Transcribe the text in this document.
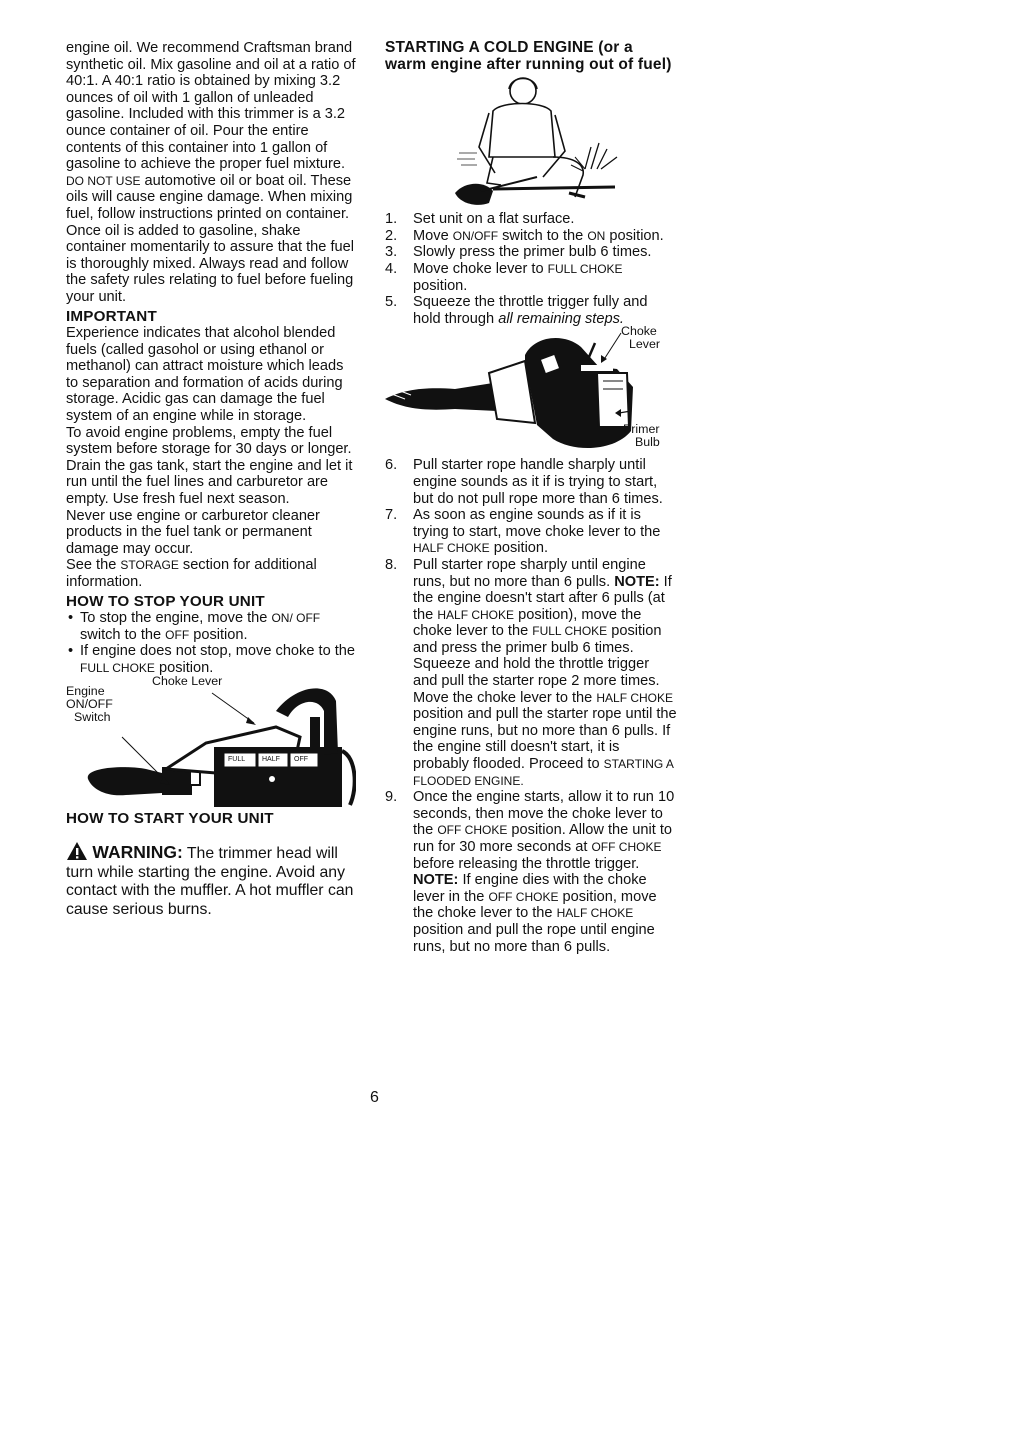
engine oil. We recommend Craftsman brand synthetic oil. Mix gasoline and oil at a ratio of 40:1. A 40:1 ratio is obtained by mixing 3.2 ounces of oil with 1 gallon of unleaded gasoline. Included with this trimmer is a 3.2 ounce container of oil. Pour the entire contents of this container into 1 gallon of gasoline to achieve the proper fuel mixture. DO NOT USE automotive oil or boat oil. These oils will cause engine damage. When mixing fuel, follow instructions printed on container.

Once oil is added to gasoline, shake container momentarily to assure that the fuel is thoroughly mixed. Always read and follow the safety rules relating to fuel before fueling your unit.

IMPORTANT

Experience indicates that alcohol blended fuels (called gasohol or using ethanol or methanol) can attract moisture which leads to separation and formation of acids during storage. Acidic gas can damage the fuel system of an engine while in storage.

To avoid engine problems, empty the fuel system before storage for 30 days or longer. Drain the gas tank, start the engine and let it run until the fuel lines and carburetor are empty. Use fresh fuel next season.

Never use engine or carburetor cleaner products in the fuel tank or permanent damage may occur.

See the STORAGE section for additional information.

HOW TO STOP YOUR UNIT

• To stop the engine, move the ON/ OFF switch to the OFF position.
• If engine does not stop, move choke to the FULL CHOKE position.
Choke Lever
Engine
ON/OFF
Switch
FULL HALF OFF

HOW TO START YOUR UNIT

WARNING: The trimmer head will turn while starting the engine. Avoid any contact with the muffler. A hot muffler can cause serious burns.

STARTING A COLD ENGINE (or a

warm engine after running out of fuel)

1.	Set unit on a flat surface.
2.	Move ON/OFF switch to the ON position.
3.	Slowly press the primer bulb 6 times.
4.	Move choke lever to FULL CHOKE position.
5.	Squeeze the throttle trigger fully and hold through all remaining steps.
Choke
Lever
Primer
Bulb
6.	Pull starter rope handle sharply until engine sounds as it if is trying to start, but do not pull rope more than 6 times.
7.	As soon as engine sounds as if it is trying to start, move choke lever to the HALF CHOKE position.
8.	Pull starter rope sharply until engine runs, but no more than 6 pulls. NOTE: If the engine doesn't start after 6 pulls (at the HALF CHOKE position), move the choke lever to the FULL CHOKE position and press the primer bulb 6 times. Squeeze and hold the throttle trigger and pull the starter rope 2 more times. Move the choke lever to the HALF CHOKE position and pull the starter rope until the engine runs, but no more than 6 pulls. If the engine still doesn't start, it is probably flooded. Proceed to STARTING A FLOODED ENGINE.
9.	Once the engine starts, allow it to run 10 seconds, then move the choke lever to the OFF CHOKE position. Allow the unit to run for 30 more seconds at OFF CHOKE before releasing the throttle trigger. NOTE: If engine dies with the choke lever in the OFF CHOKE position, move the choke lever to the HALF CHOKE position and pull the rope until engine runs, but no more than 6 pulls.
6
